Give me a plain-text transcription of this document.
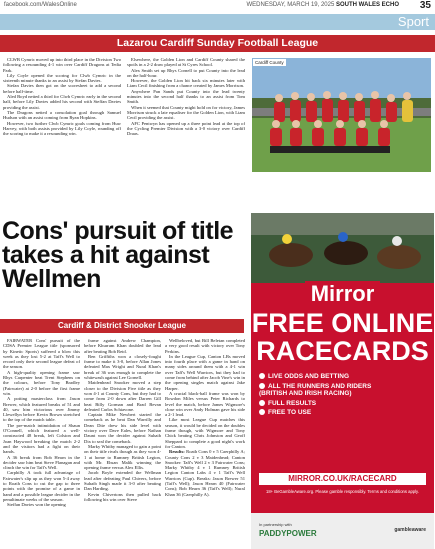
facebook.com/WalesOnline	WEDNESDAY, MARCH 19, 2025 SOUTH WALES ECHO 35
Sport
Lazarou Cardiff Sunday Football League

CLWB Cymric moved up into third place in the Division Two following a resounding 4-1 win over Cardiff Dragons at Tedia Park.

Lily Coyle opened the scoring for Clwb Cymric in the sixteenth minute thanks to an assist by Stefan Davies.

Stefan Davies then got on the scoresheet to add a second before half-time.

Aled Boyd netted a third for Clwb Cymric early in the second half, before Lily Davies added his second with Steffan Davies providing the assist.

The Dragons netted a consolation goal through Samuel Hudson with an assist coming from Ryan Hopkins.

However, two further Clwb Cymric goals coming from Huw Harvey, with both assists provided by Lily Coyle, rounding off the scoring to make it a resounding win.

Elsewhere, the Golden Lion and Cardiff County shared the spoils in a 2-2 draw played at St Cyres School.

Alex Smith set up Rhys Cornell to put County into the lead on the half-hour.

However, the Golden Lion hit back six minutes later with Liam Cecil finishing from a chance created by James Morrison.

Anywhere Pan Sands put County into the lead twenty minutes into the second half thanks to an assist from Tom Smith.

When it seemed that County might hold on for victory, James Morrison struck a late equaliser for the Golden Lion, with Liam Cecil providing the assist.

AFC Pentwyn has opened up a three point lead at the top of the Cycling Premier Division with a 3-0 victory over Cardiff Draas.

Cardiff County
Cons' pursuit of title takes a hit against Wellmen
Cardiff & District Snooker League

FAIRWATER Cons' pursuit of the CDSA Premier League title (sponsored by Kinetic Sports) suffered a blow this week as they lost 5-2 at Taff's Well to record only their second league defeat of the season.

A high-quality opening frame saw Rhys Carpenter beat Trent Stephens on the colours, before Tony Bradley (Fairwater) at 2-0 before the first frame win.

A potting masterclass from Jason Brewer, which featured breaks of 51 and 40, saw him victorious over Jimmy Llewellyn before Kevin Brown stretched to the top of the match table.

The pre-match intimidation of Shaun O'Connell, which featured a well-constructed 48 break, left Colston and Joan Haywood breaking the match 2-2 and the visitors had a fight on their hands.

A 36 break from Bob Hearn in the decider saw him beat Steve Flanagan and clinch the win for Taff's Well.

Carphilly A took full advantage of Fairwater's slip up as they won 5-4 away to Roath Cons to cut the gap to three points with the promise of a game in hand and a possible league decider in the penultimate weeks of the season.

Steffan Davies won the opening

frame against Andrew Champion, before Khurram Khan doubled the lead after beating Bob Reid.

Ben Griffiths won a closely-fought frame to make it 3-0, before Allan Jones defeated Max Wright and Nural Khan's break of 36 was enough to complete the whitewash against Lee Gornell.

Maidenhead Snooker moved a step closer to the Division Five title as they won 4-1 at County Cons, but they had to come from 2-0 down after Darren Gill beat Billy Gorman and Brad Bevan defeated Carlos Schiavone.

Captain Mike Newbert started the comeback as he beat Dan Warrilly and Dean Dite drew his side level with victory over Dave Eales, before Nathan Daunt won the decider against Suhaib Dix to seal the comeback.

Marky Whitby managed to gain a point on their title rivals though as they won 4-1 at home to Rumney British Legion, with Mr. Ehsan Malik winning the opening frame versus Alex Ellis.

Jacob Boyle extended the Wellman lead after defeating Paul Chivers, before Suhaib Singh made it 3-0 after beating Dan Harding.

Kevin Chivertons then pulled back following his win over Steve

Wellbeloved, but Bill Beletan completed a very good result with victory over Tony Perkins.

In the League Cup, Canton LBs moved into fourth place with a game in hand on many sides around them with a 4-1 win over Taff's Well Warriors, but they had to come from behind after Jacob Vine's win in the opening singles match against Jake Harper.

A crucial black-ball frame was won by Bowdon Miles versus Peter Richards to level the match, before James Wigmore's close win over Andy Holman gave his side a 2-1 lead.

Like most League Cup matches this season, it would be decided on the doubles frame though, with Wigmore and Tony Chick beating Chris Johnston and Geoff Sheppard to complete a good night's work for Canton.

Results: Roath Cons 0 v 5 Caerphilly A; County Cons 2 v 3 Maidenhead; Canton Snooker: Taff's Well 2 v 3 Fairwater Cons; Marky Whitby 4 v 1 Rumney British Legion Canton Labs 4 v 1 Taff's Well Warriors (Cup). Breaks: Jason Brewer 51 (Taff's Well); Jason Hearn 40 (Fairwater Cons); Bob Hearn 36 (Taff's Well); Nural Khan 36 (Caerphilly A).

Mirror
FREE ONLINE
RACECARDS
LIVE ODDS AND BETTING
ALL THE RUNNERS AND RIDERS (BRITISH AND IRISH RACING)
FULL RESULTS
FREE TO USE
MIRROR.CO.UK/RACECARD
18+ BeGambleAware.org. Please gamble responsibly. Terms and conditions apply.
In partnership with
PADDYPOWER	gambleaware
